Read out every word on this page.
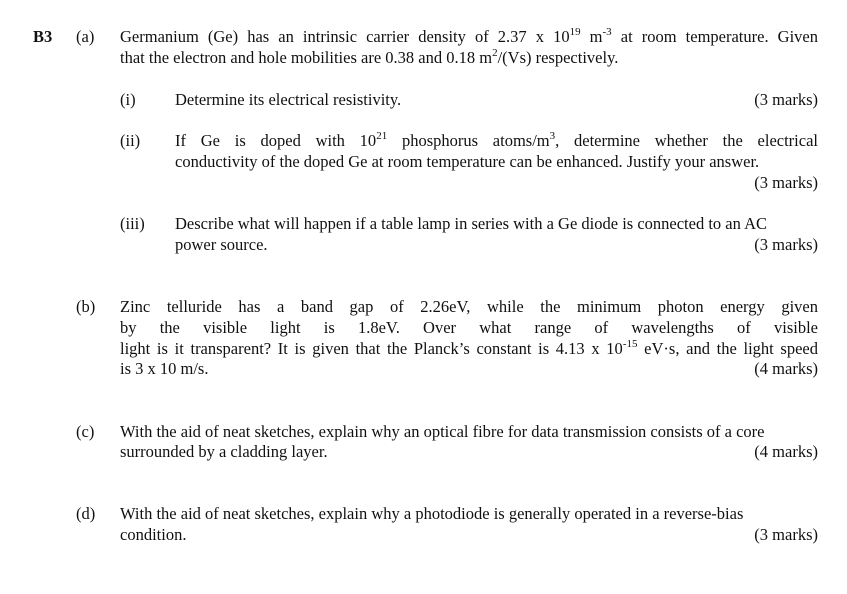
B3 (a) Germanium (Ge) has an intrinsic carrier density of 2.37 x $10^{19}$ $m^{-3}$ at room temperature. Given
that the electron and hole mobilities are 0.38 and 0.18 $m^2/(Vs)$ respectively.
(i) Determine its electrical resistivity.	(3 marks)
(ii) If Ge is doped with $10^{21}$ phosphorus atoms/$m^3$, determine whether the electrical
conductivity of the doped Ge at room temperature can be enhanced. Justify your answer.
(3 marks)
(iii) Describe what will happen if a table lamp in series with a Ge diode is connected to an AC
power source.	(3 marks)
(b) Zinc telluride has a band gap of 2.26eV, while the minimum photon energy given
by the visible light is 1.8eV. Over what range of wavelengths of visible
light is it transparent? It is given that the Planck’s constant is 4.13 x $10^{-15}$ eV·s, and the light speed
is 3 x 10 m/s.	(4 marks)
(c) With the aid of neat sketches, explain why an optical fibre for data transmission consists of a core
surrounded by a cladding layer.	(4 marks)
(d) With the aid of neat sketches, explain why a photodiode is generally operated in a reverse-bias
condition.	(3 marks)
